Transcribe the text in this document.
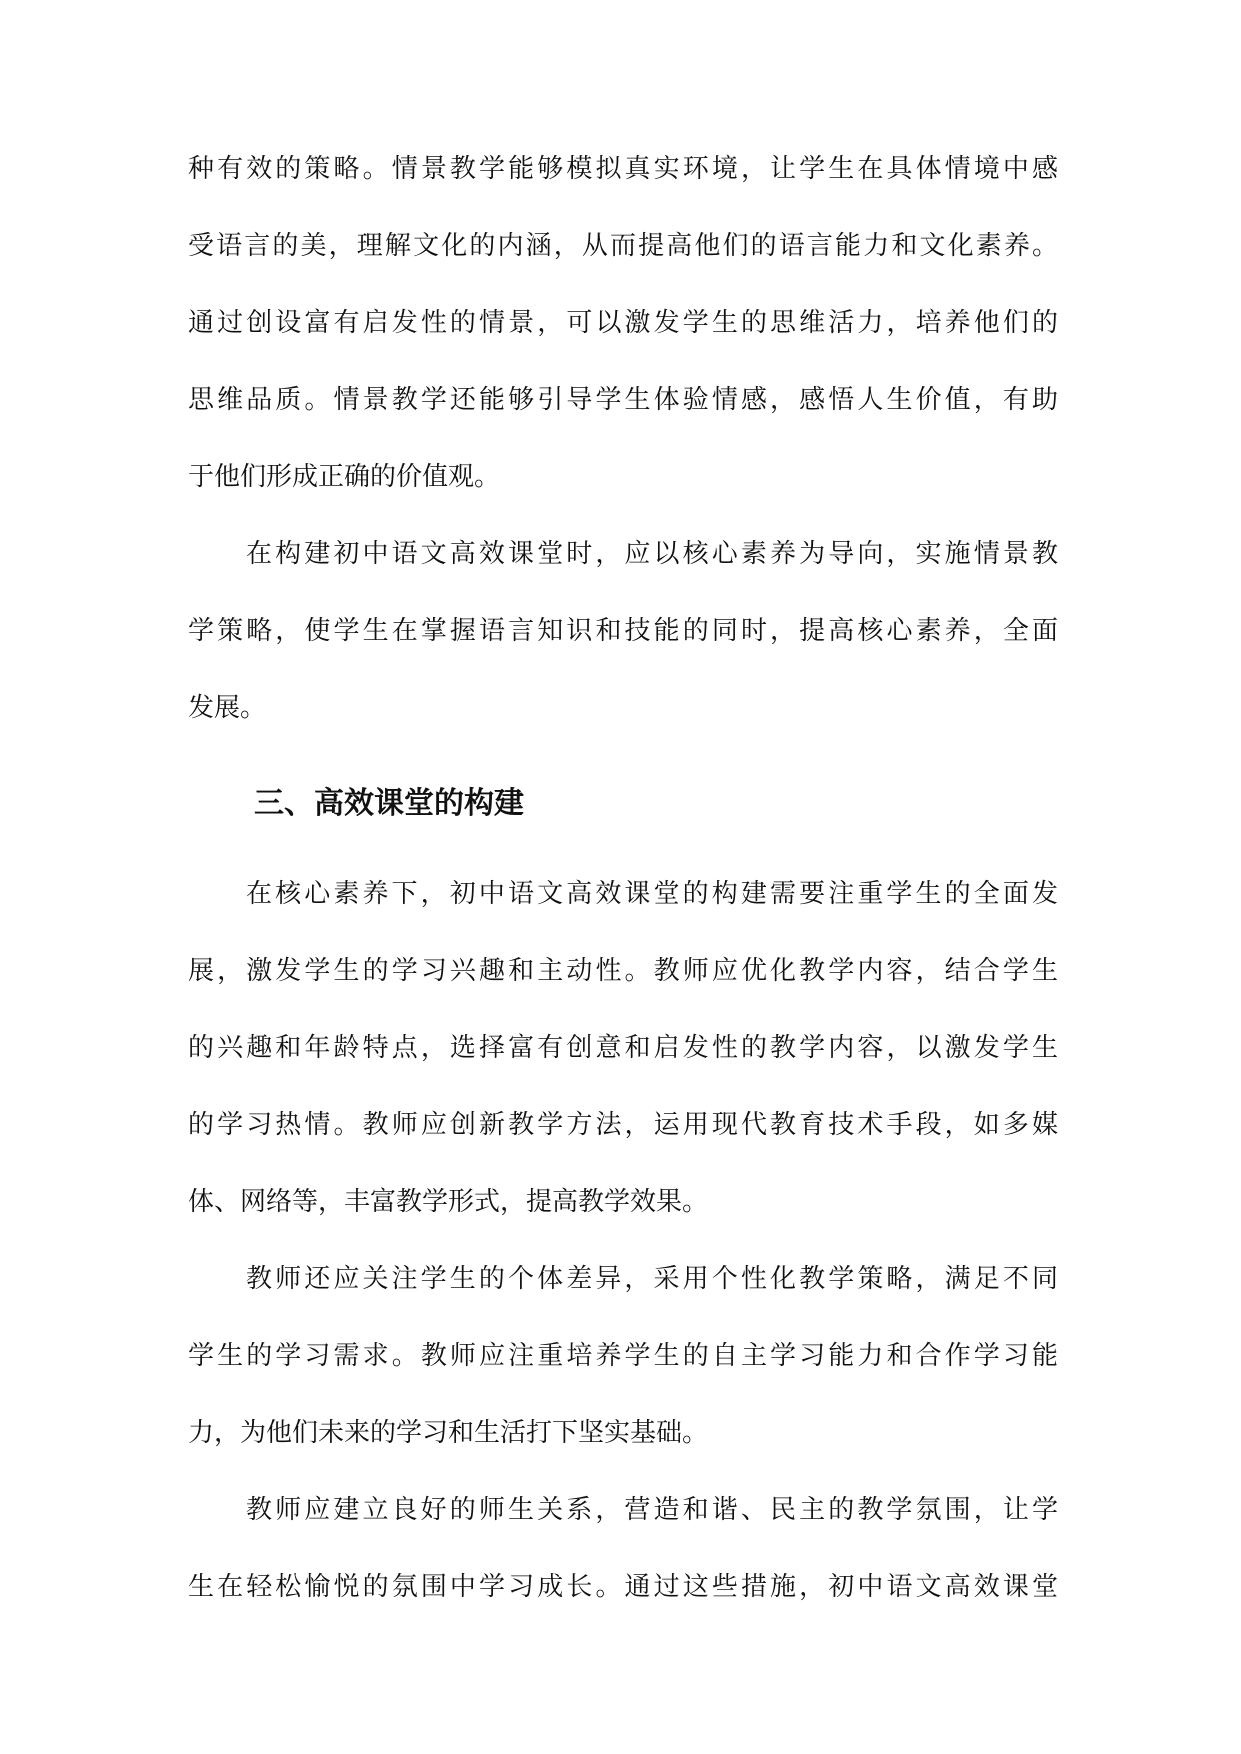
种有效的策略。情景教学能够模拟真实环境，让学生在具体情境中感
受语言的美，理解文化的内涵，从而提高他们的语言能力和文化素养。
通过创设富有启发性的情景，可以激发学生的思维活力，培养他们的
思维品质。情景教学还能够引导学生体验情感，感悟人生价值，有助
于他们形成正确的价值观。
在构建初中语文高效课堂时，应以核心素养为导向，实施情景教
学策略，使学生在掌握语言知识和技能的同时，提高核心素养，全面
发展。
三、高效课堂的构建
在核心素养下，初中语文高效课堂的构建需要注重学生的全面发
展，激发学生的学习兴趣和主动性。教师应优化教学内容，结合学生
的兴趣和年龄特点，选择富有创意和启发性的教学内容，以激发学生
的学习热情。教师应创新教学方法，运用现代教育技术手段，如多媒
体、网络等，丰富教学形式，提高教学效果。
教师还应关注学生的个体差异，采用个性化教学策略，满足不同
学生的学习需求。教师应注重培养学生的自主学习能力和合作学习能
力，为他们未来的学习和生活打下坚实基础。
教师应建立良好的师生关系，营造和谐、民主的教学氛围，让学
生在轻松愉悦的氛围中学习成长。通过这些措施，初中语文高效课堂
